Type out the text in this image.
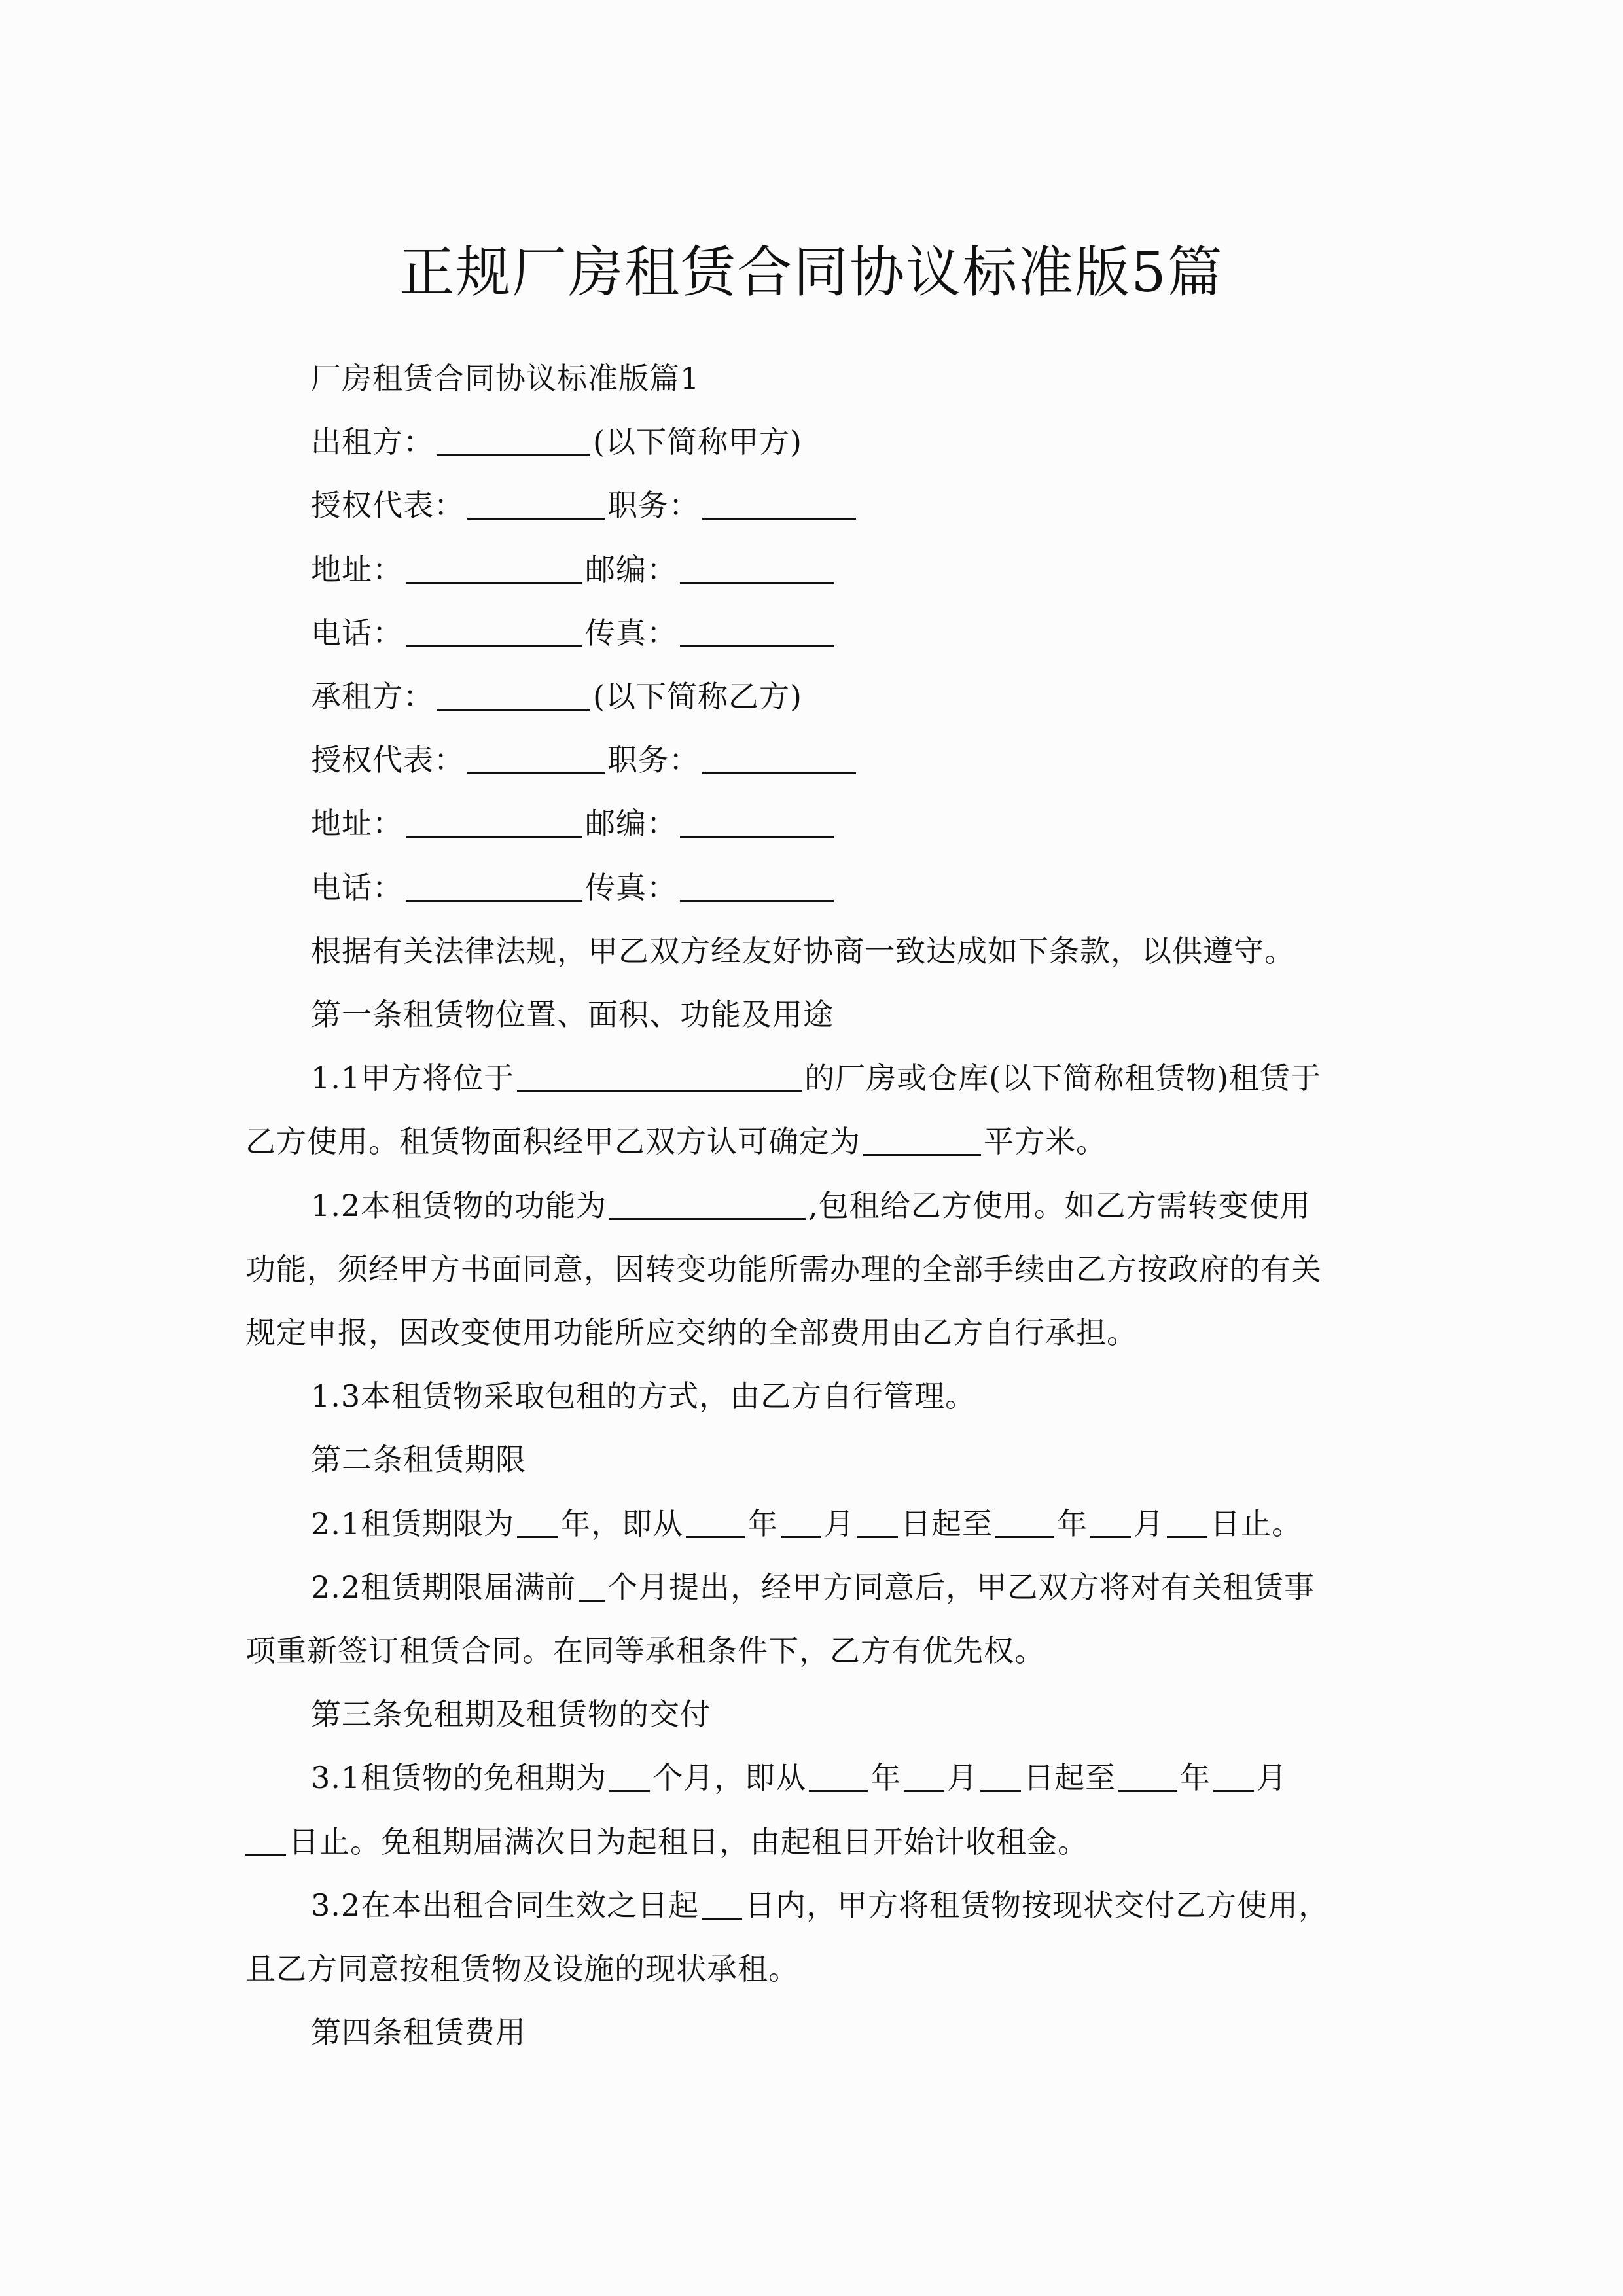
正规厂房租赁合同协议标准版5篇

厂房租赁合同协议标准版篇1

出租方：	(以下简称甲方)

授权代表：	职务：

地址：	邮编：

电话：	传真：

承租方：	(以下简称乙方)

授权代表：	职务：

地址：	邮编：

电话：	传真：

根据有关法律法规，甲乙双方经友好协商一致达成如下条款，以供遵守。

第一条租赁物位置、面积、功能及用途

1.1甲方将位于	的厂房或仓库(以下简称租赁物)租赁于

乙方使用。租赁物面积经甲乙双方认可确定为	平方米。

1.2本租赁物的功能为	,包租给乙方使用。如乙方需转变使用

功能，须经甲方书面同意，因转变功能所需办理的全部手续由乙方按政府的有关

规定申报，因改变使用功能所应交纳的全部费用由乙方自行承担。

1.3本租赁物采取包租的方式，由乙方自行管理。

第二条租赁期限

2.1租赁期限为 年，即从 年 月 日起至 年 月 日止。

2.2租赁期限届满前 个月提出，经甲方同意后，甲乙双方将对有关租赁事

项重新签订租赁合同。在同等承租条件下，乙方有优先权。

第三条免租期及租赁物的交付

3.1租赁物的免租期为 个月，即从 年 月 日起至 年 月

日止。免租期届满次日为起租日，由起租日开始计收租金。

3.2在本出租合同生效之日起 日内，甲方将租赁物按现状交付乙方使用，

且乙方同意按租赁物及设施的现状承租。

第四条租赁费用
